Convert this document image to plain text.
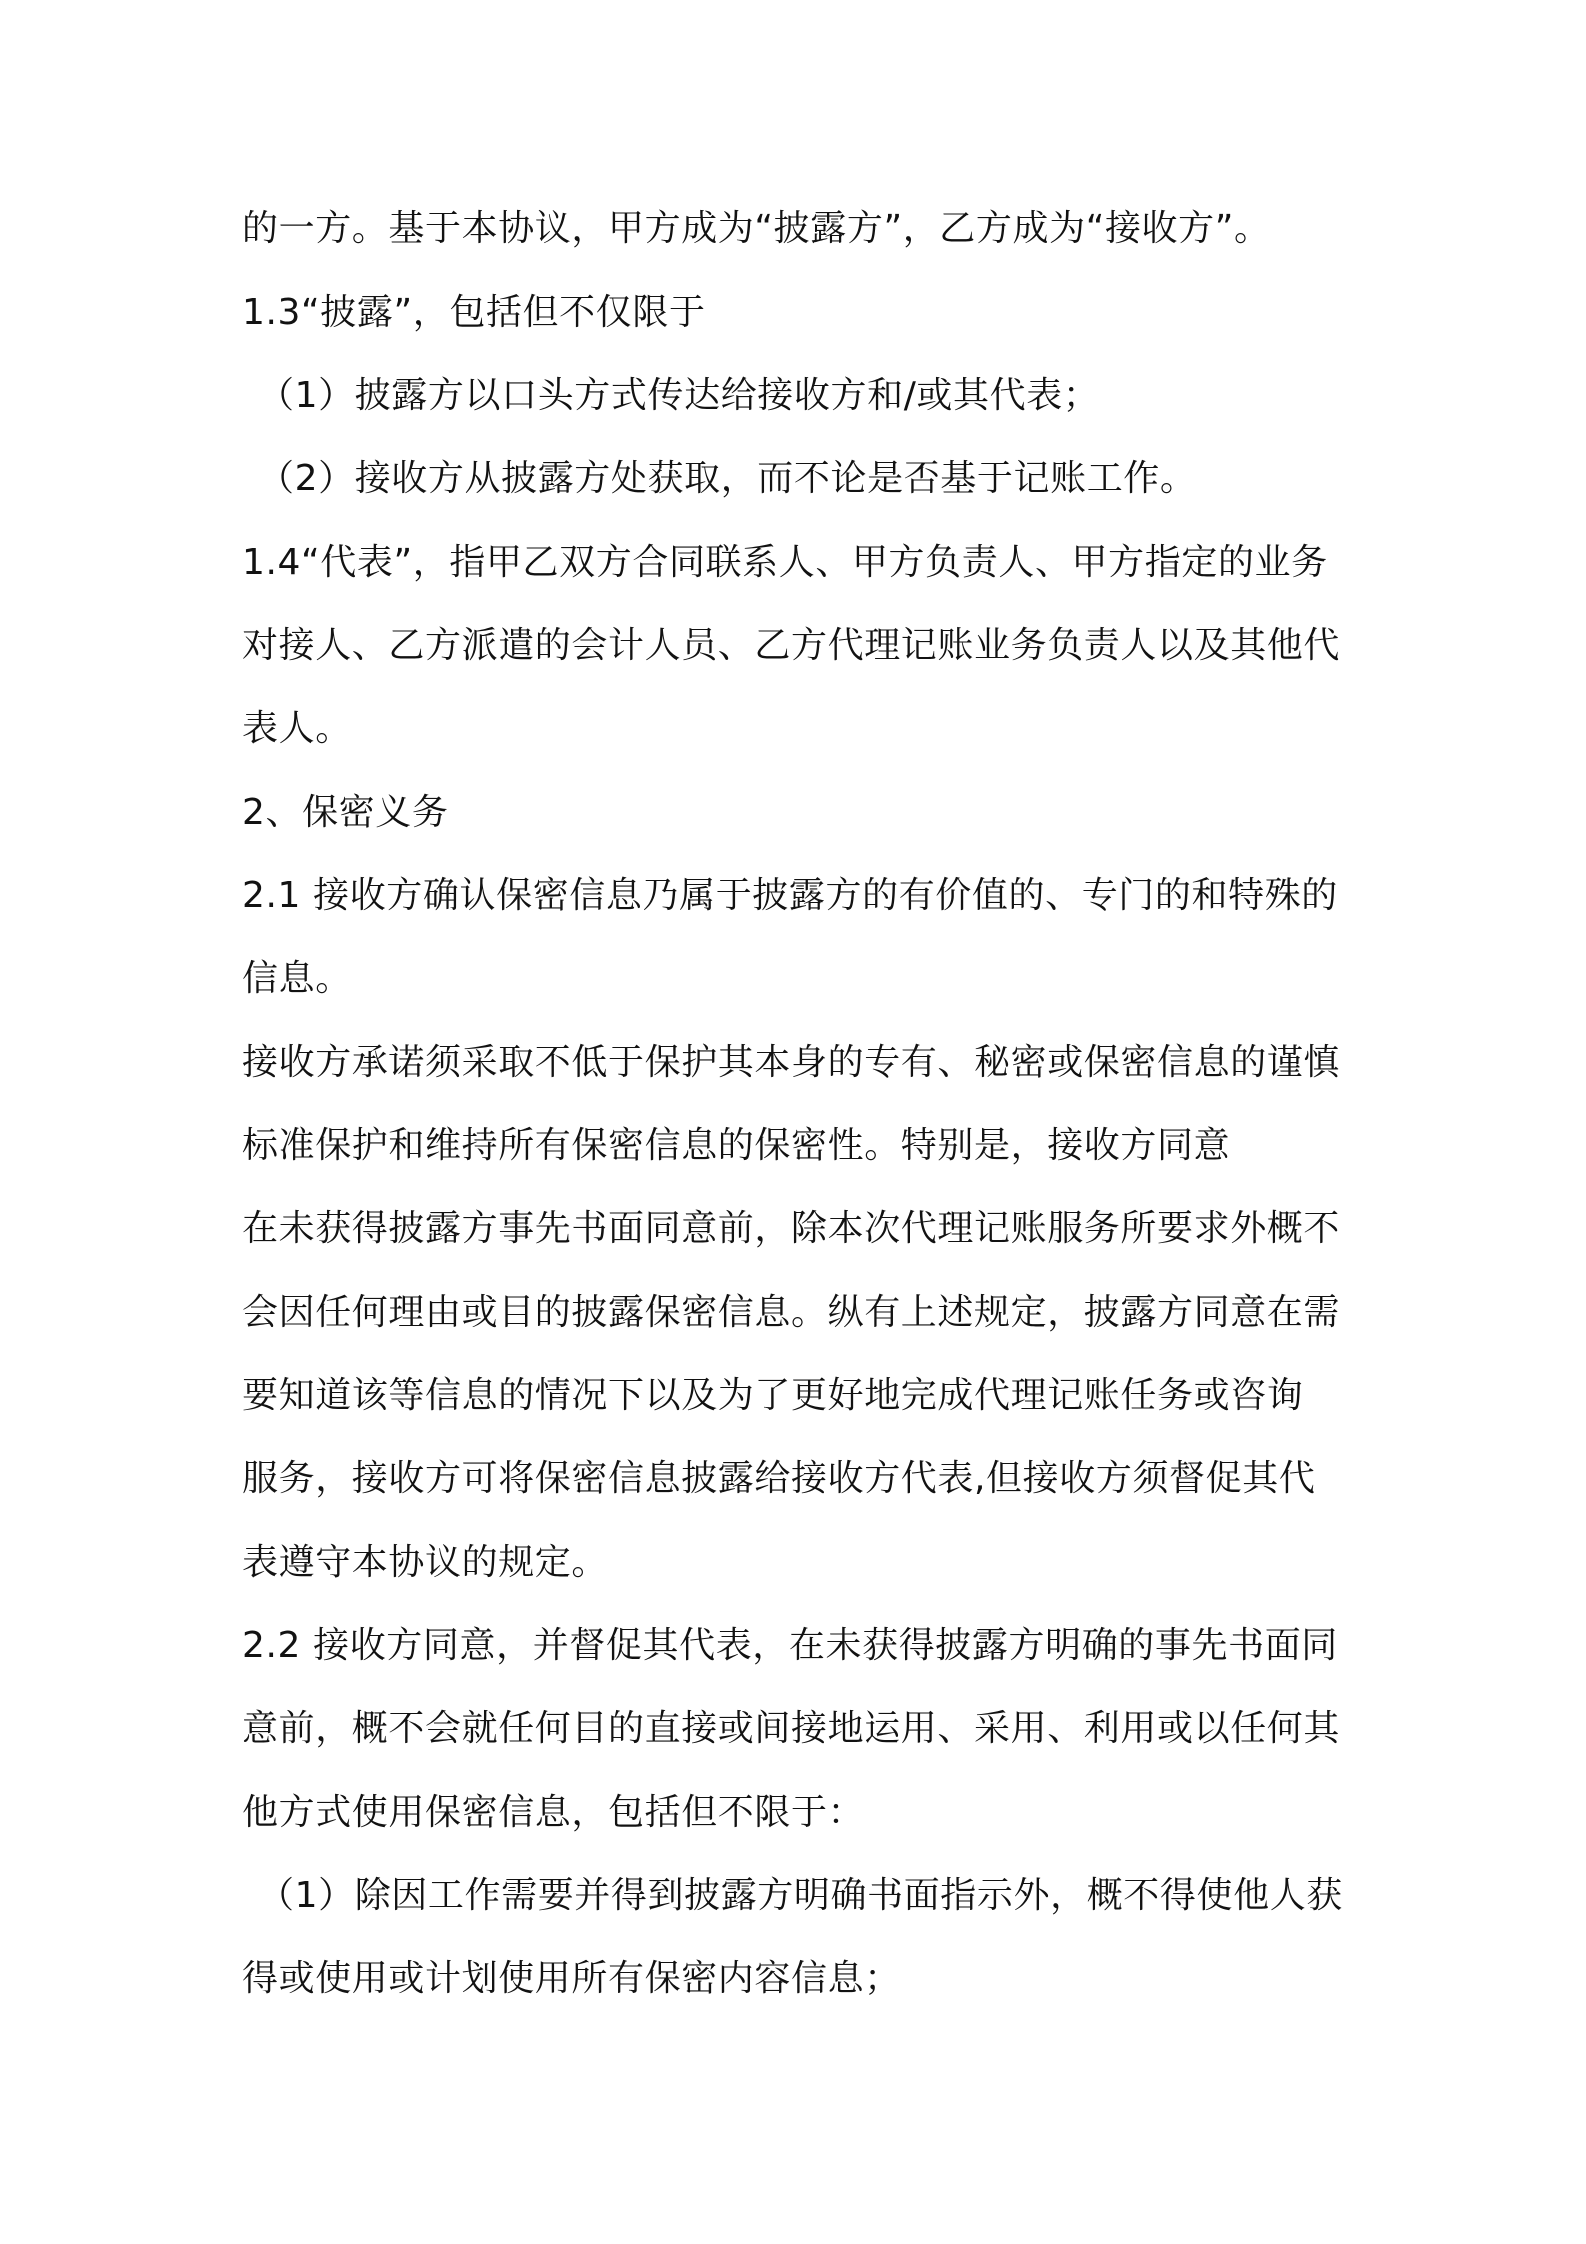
的一方。基于本协议，甲方成为“披露方”，乙方成为“接收方”。
1.3“披露”，包括但不仅限于
（1）披露方以口头方式传达给接收方和/或其代表；
（2）接收方从披露方处获取，而不论是否基于记账工作。
1.4“代表”，指甲乙双方合同联系人、甲方负责人、甲方指定的业务
对接人、乙方派遣的会计人员、乙方代理记账业务负责人以及其他代
表人。
2、保密义务
2.1 接收方确认保密信息乃属于披露方的有价值的、专门的和特殊的
信息。
接收方承诺须采取不低于保护其本身的专有、秘密或保密信息的谨慎
标准保护和维持所有保密信息的保密性。特别是，接收方同意
在未获得披露方事先书面同意前，除本次代理记账服务所要求外概不
会因任何理由或目的披露保密信息。纵有上述规定，披露方同意在需
要知道该等信息的情况下以及为了更好地完成代理记账任务或咨询
服务，接收方可将保密信息披露给接收方代表,但接收方须督促其代
表遵守本协议的规定。
2.2 接收方同意，并督促其代表，在未获得披露方明确的事先书面同
意前，概不会就任何目的直接或间接地运用、采用、利用或以任何其
他方式使用保密信息，包括但不限于：
（1）除因工作需要并得到披露方明确书面指示外，概不得使他人获
得或使用或计划使用所有保密内容信息；
